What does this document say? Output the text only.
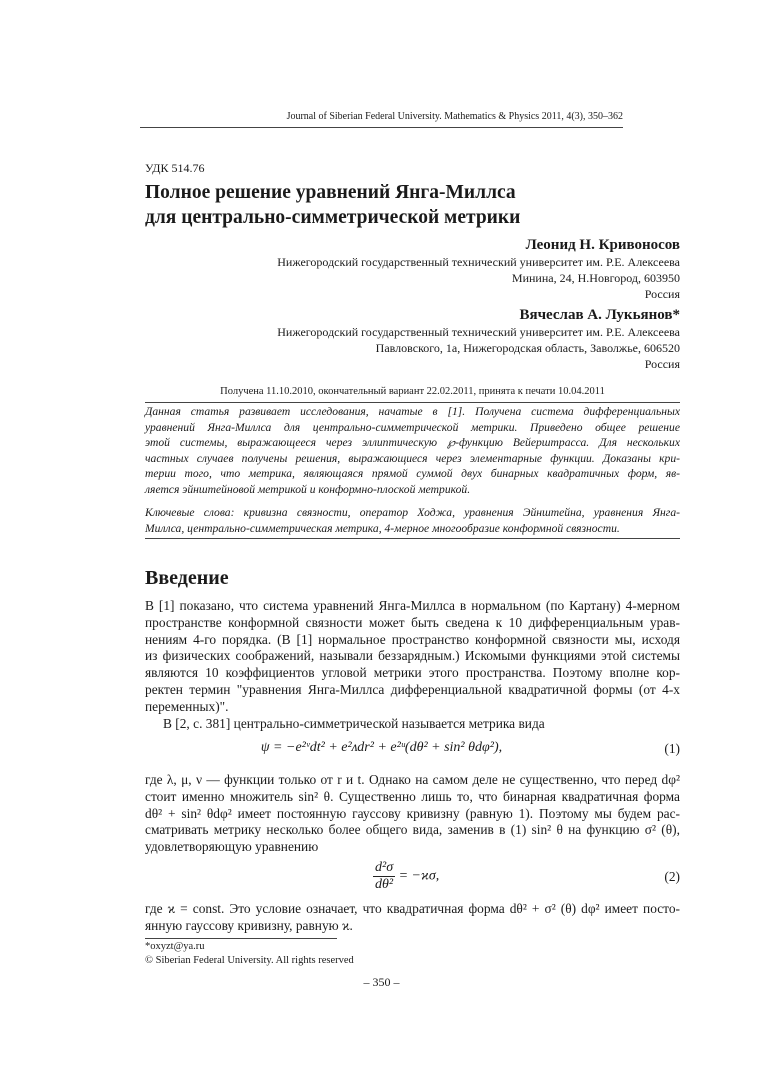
Journal of Siberian Federal University. Mathematics & Physics 2011, 4(3), 350–362
УДК 514.76
Полное решение уравнений Янга-Миллса
для центрально-симметрической метрики
Леонид Н. Кривоносов
Нижегородский государственный технический университет им. Р.Е. Алексеева
Минина, 24, Н.Новгород, 603950
Россия
Вячеслав А. Лукьянов*
Нижегородский государственный технический университет им. Р.Е. Алексеева
Павловского, 1а, Нижегородская область, Заволжье, 606520
Россия
Получена 11.10.2010, окончательный вариант 22.02.2011, принята к печати 10.04.2011
Данная статья развивает исследования, начатые в [1]. Получена система дифференциальных
уравнений Янга-Миллса для центрально-симметрической метрики. Приведено общее решение
этой системы, выражающееся через эллиптическую ℘-функцию Вейерштрасса. Для нескольких
частных случаев получены решения, выражающиеся через элементарные функции. Доказаны кри-
терии того, что метрика, являющаяся прямой суммой двух бинарных квадратичных форм, яв-
ляется эйнштейновой метрикой и конформно-плоской метрикой.
Ключевые слова: кривизна связности, оператор Ходжа, уравнения Эйнштейна, уравнения Янга-
Миллса, центрально-симметрическая метрика, 4-мерное многообразие конформной связности.
Введение
В [1] показано, что система уравнений Янга-Миллса в нормальном (по Картану) 4-мерном
пространстве конформной связности может быть сведена к 10 дифференциальным урав-
нениям 4-го порядка. (В [1] нормальное пространство конформной связности мы, исходя
из физических соображений, называли беззарядным.) Искомыми функциями этой системы
являются 10 коэффициентов угловой метрики этого пространства. Поэтому вполне кор-
ректен термин "уравнения Янга-Миллса дифференциальной квадратичной формы (от 4-х
переменных)".
В [2, с. 381] центрально-симметрической называется метрика вида
ψ = −e²ᵛdt² + e²ᴧdr² + e²ᵘ(dθ² + sin² θdφ²),	(1)
где λ, μ, ν — функции только от r и t. Однако на самом деле не существенно, что перед dφ²
стоит именно множитель sin² θ. Существенно лишь то, что бинарная квадратичная форма
dθ² + sin² θdφ² имеет постоянную гауссову кривизну (равную 1). Поэтому мы будем рас-
сматривать метрику несколько более общего вида, заменив в (1) sin² θ на функцию σ² (θ),
удовлетворяющую уравнению
$\frac{\text{d²σ}}{\text{dθ²}} = -ϰ\sigma$,	(2)
где ϰ = const. Это условие означает, что квадратичная форма dθ² + σ² (θ) dφ² имеет посто-
янную гауссову кривизну, равную ϰ.
*oxyzt@ya.ru
© Siberian Federal University. All rights reserved
– 350 –
